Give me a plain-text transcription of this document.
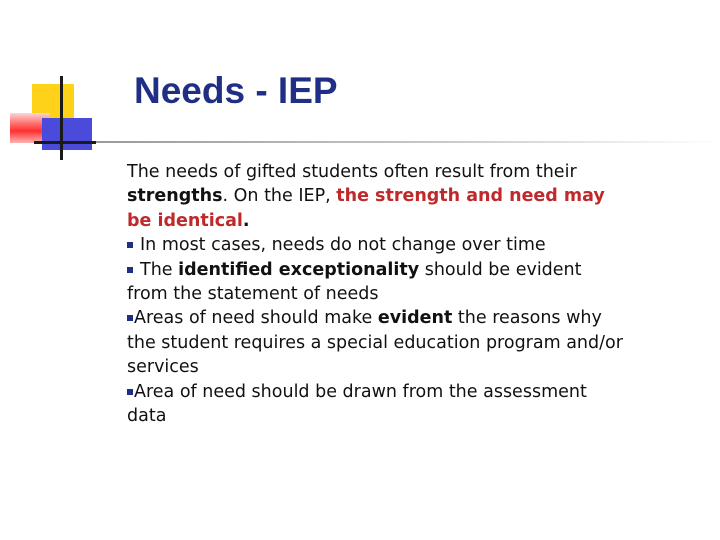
Needs - IEP

The needs of gifted students often result from their strengths. On the IEP, the strength and need may be identical.

In most cases, needs do not change over time

The identified exceptionality should be evident from the statement of needs

Areas of need should make evident the reasons why the student requires a special education program and/or services

Area of need should be drawn from the assessment data
